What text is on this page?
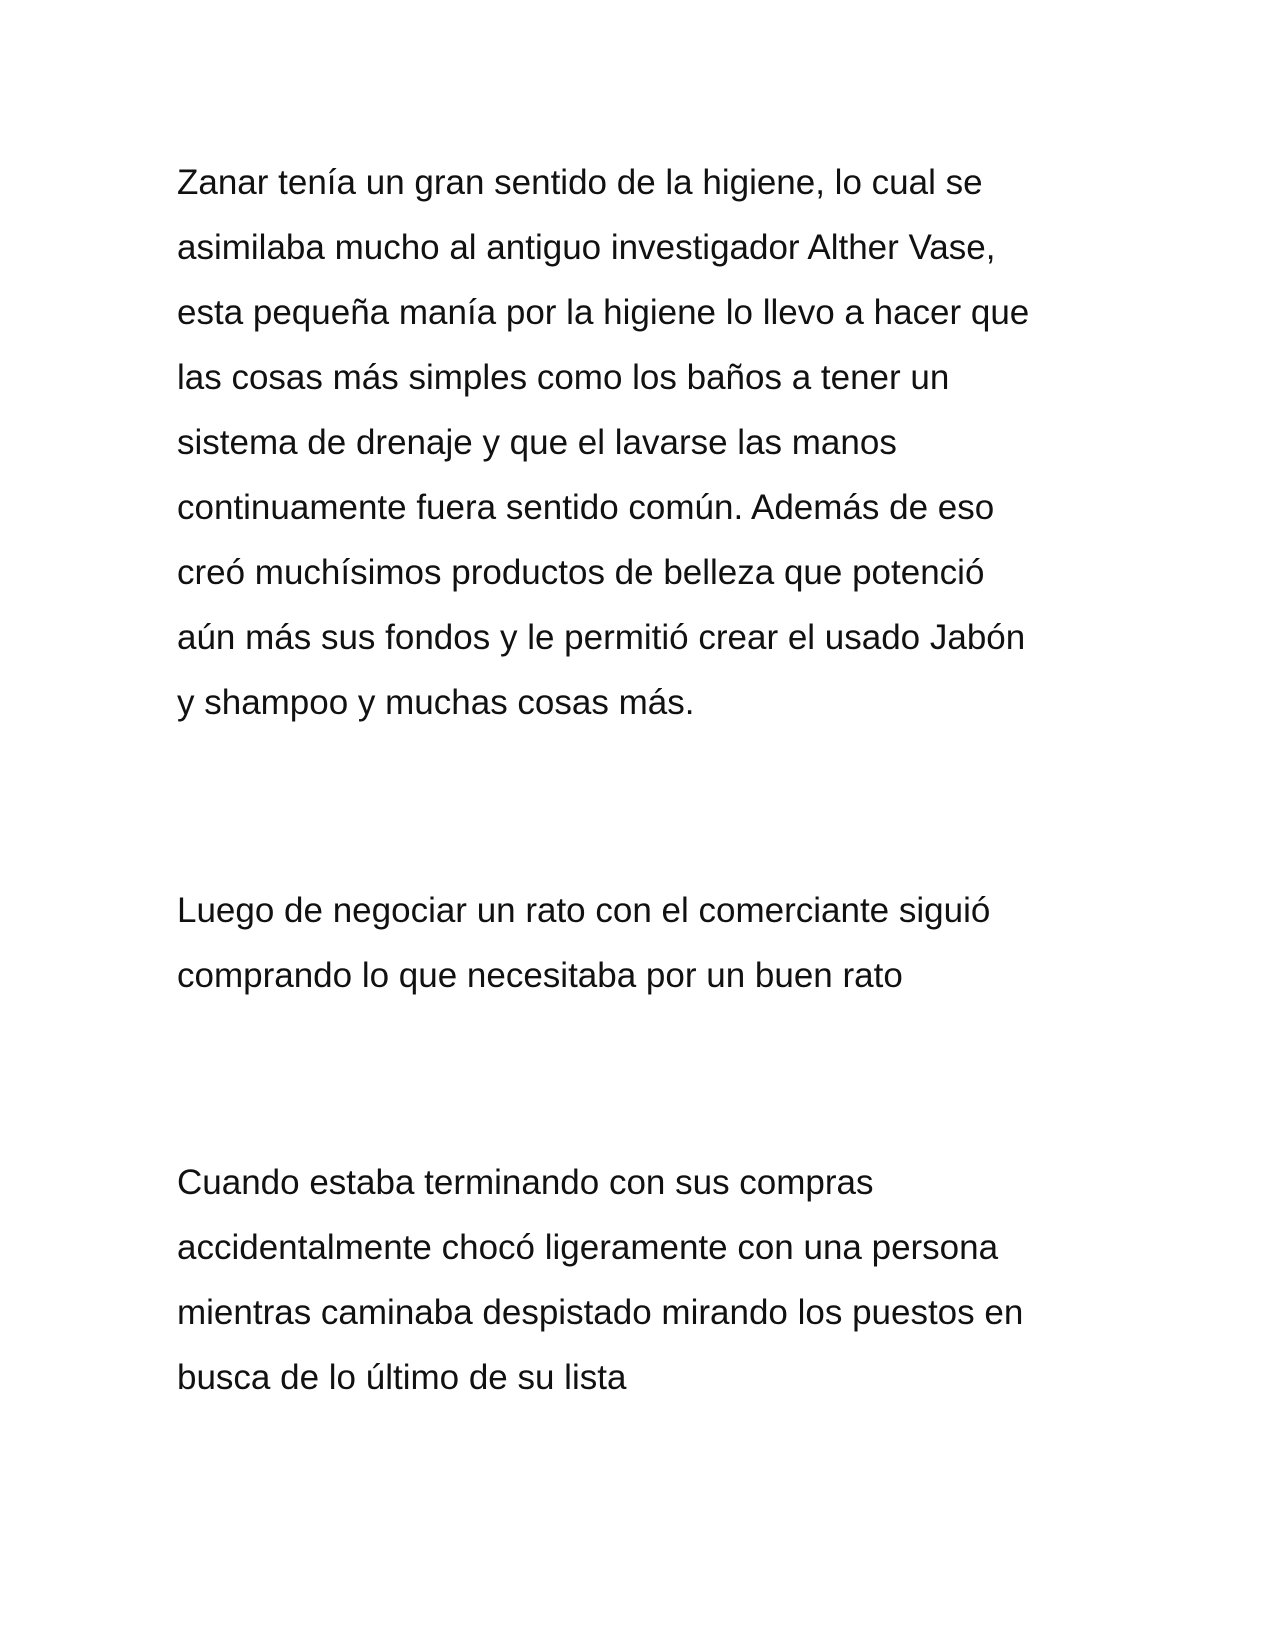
Zanar tenía un gran sentido de la higiene, lo cual se
asimilaba mucho al antiguo investigador Alther Vase,
esta pequeña manía por la higiene lo llevo a hacer que
las cosas más simples como los baños a tener un
sistema de drenaje y que el lavarse las manos
continuamente fuera sentido común. Además de eso
creó muchísimos productos de belleza que potenció
aún más sus fondos y le permitió crear el usado Jabón
y shampoo y muchas cosas más.

Luego de negociar un rato con el comerciante siguió
comprando lo que necesitaba por un buen rato

Cuando estaba terminando con sus compras
accidentalmente chocó ligeramente con una persona
mientras caminaba despistado mirando los puestos en
busca de lo último de su lista
